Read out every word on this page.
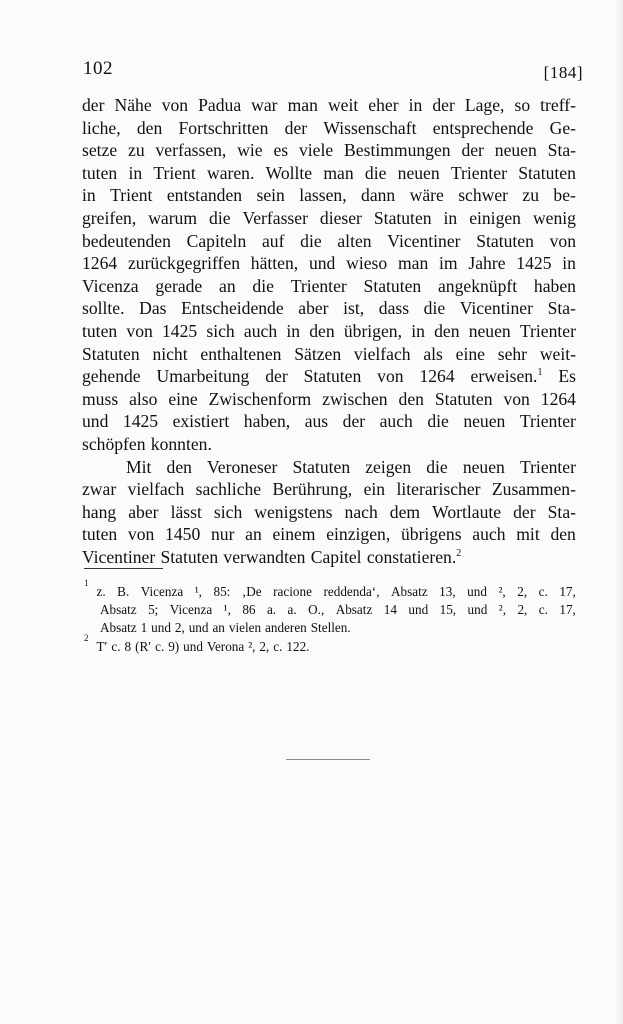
102	[184]
der Nähe von Padua war man weit eher in der Lage, so treff-
liche, den Fortschritten der Wissenschaft entsprechende Ge-
setze zu verfassen, wie es viele Bestimmungen der neuen Sta-
tuten in Trient waren. Wollte man die neuen Trienter Statuten
in Trient entstanden sein lassen, dann wäre schwer zu be-
greifen, warum die Verfasser dieser Statuten in einigen wenig
bedeutenden Capiteln auf die alten Vicentiner Statuten von
1264 zurückgegriffen hätten, und wieso man im Jahre 1425 in
Vicenza gerade an die Trienter Statuten angeknüpft haben
sollte. Das Entscheidende aber ist, dass die Vicentiner Sta-
tuten von 1425 sich auch in den übrigen, in den neuen Trienter
Statuten nicht enthaltenen Sätzen vielfach als eine sehr weit-
gehende Umarbeitung der Statuten von 1264 erweisen.$^1$ Es
muss also eine Zwischenform zwischen den Statuten von 1264
und 1425 existiert haben, aus der auch die neuen Trienter
schöpfen konnten.
Mit den Veroneser Statuten zeigen die neuen Trienter
zwar vielfach sachliche Berührung, ein literarischer Zusammen-
hang aber lässt sich wenigstens nach dem Wortlaute der Sta-
tuten von 1450 nur an einem einzigen, übrigens auch mit den
Vicentiner Statuten verwandten Capitel constatieren.$^2$
1
z. B. Vicenza ¹, 85: ‚De racione reddenda‘, Absatz 13, und ², 2, c. 17,
Absatz 5; Vicenza ¹, 86 a. a. O., Absatz 14 und 15, und ², 2, c. 17,
Absatz 1 und 2, und an vielen anderen Stellen.
2
T′ c. 8 (R′ c. 9) und Verona ², 2, c. 122.
